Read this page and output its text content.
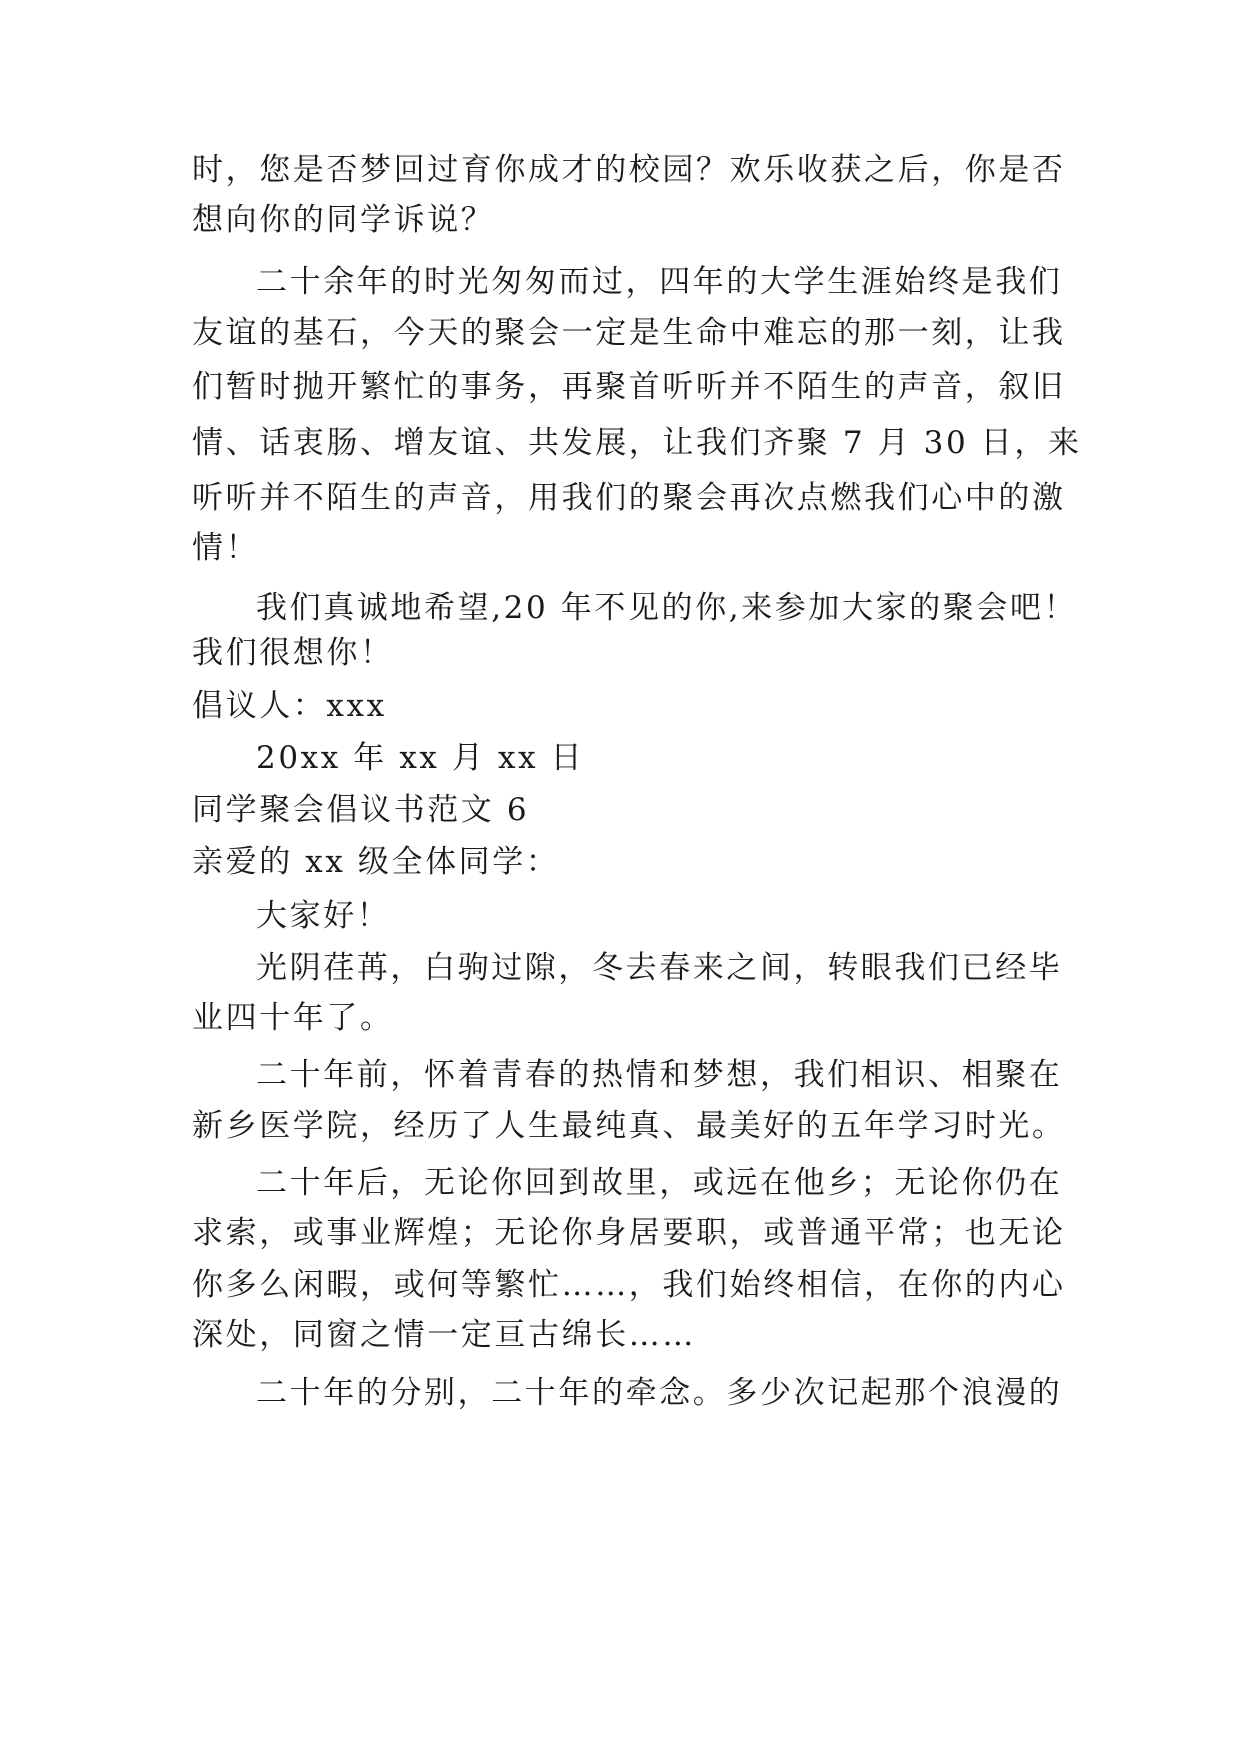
时，您是否梦回过育你成才的校园？欢乐收获之后，你是否
想向你的同学诉说？
二十余年的时光匆匆而过，四年的大学生涯始终是我们
友谊的基石，今天的聚会一定是生命中难忘的那一刻，让我
们暂时抛开繁忙的事务，再聚首听听并不陌生的声音，叙旧
情、话衷肠、增友谊、共发展，让我们齐聚 7 月 30 日，来
听听并不陌生的声音，用我们的聚会再次点燃我们心中的激
情！
我们真诚地希望,20 年不见的你,来参加大家的聚会吧！
我们很想你！
倡议人：xxx
20xx 年 xx 月 xx 日
同学聚会倡议书范文 6
亲爱的 xx 级全体同学：
大家好！
光阴荏苒，白驹过隙，冬去春来之间，转眼我们已经毕
业四十年了。
二十年前，怀着青春的热情和梦想，我们相识、相聚在
新乡医学院，经历了人生最纯真、最美好的五年学习时光。
二十年后，无论你回到故里，或远在他乡；无论你仍在
求索，或事业辉煌；无论你身居要职，或普通平常；也无论
你多么闲暇，或何等繁忙……，我们始终相信，在你的内心
深处，同窗之情一定亘古绵长……
二十年的分别，二十年的牵念。多少次记起那个浪漫的
